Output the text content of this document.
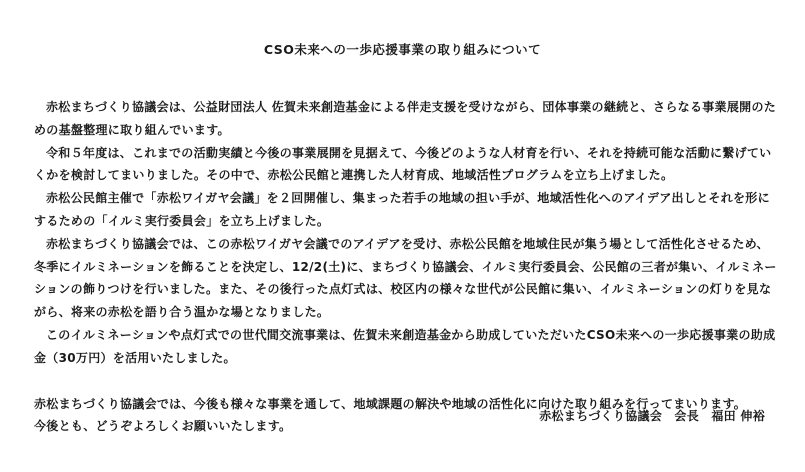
CSO未来への一歩応援事業の取り組みについて

赤松まちづくり協議会は、公益財団法人 佐賀未来創造基金による伴走支援を受けながら、団体事業の継続と、さらなる事業展開のための基盤整理に取り組んでいます。

令和５年度は、これまでの活動実績と今後の事業展開を見据えて、今後どのような人材育を行い、それを持続可能な活動に繋げていくかを検討してまいりました。その中で、赤松公民館と連携した人材育成、地域活性プログラムを立ち上げました。

赤松公民館主催で「赤松ワイガヤ会議」を２回開催し、集まった若手の地域の担い手が、地域活性化へのアイデア出しとそれを形にするための「イルミ実行委員会」を立ち上げました。

赤松まちづくり協議会では、この赤松ワイガヤ会議でのアイデアを受け、赤松公民館を地域住民が集う場として活性化させるため、冬季にイルミネーションを飾ることを決定し、12/2(土)に、まちづくり協議会、イルミ実行委員会、公民館の三者が集い、イルミネーションの飾りつけを行いました。また、その後行った点灯式は、校区内の様々な世代が公民館に集い、イルミネーションの灯りを見ながら、将来の赤松を語り合う温かな場となりました。

このイルミネーションや点灯式での世代間交流事業は、佐賀未来創造基金から助成していただいたCSO未来への一歩応援事業の助成金（30万円）を活用いたしました。

赤松まちづくり協議会では、今後も様々な事業を通して、地域課題の解決や地域の活性化に向けた取り組みを行ってまいります。

今後とも、どうぞよろしくお願いいたします。

赤松まちづくり協議会　会長　福田 伸裕
